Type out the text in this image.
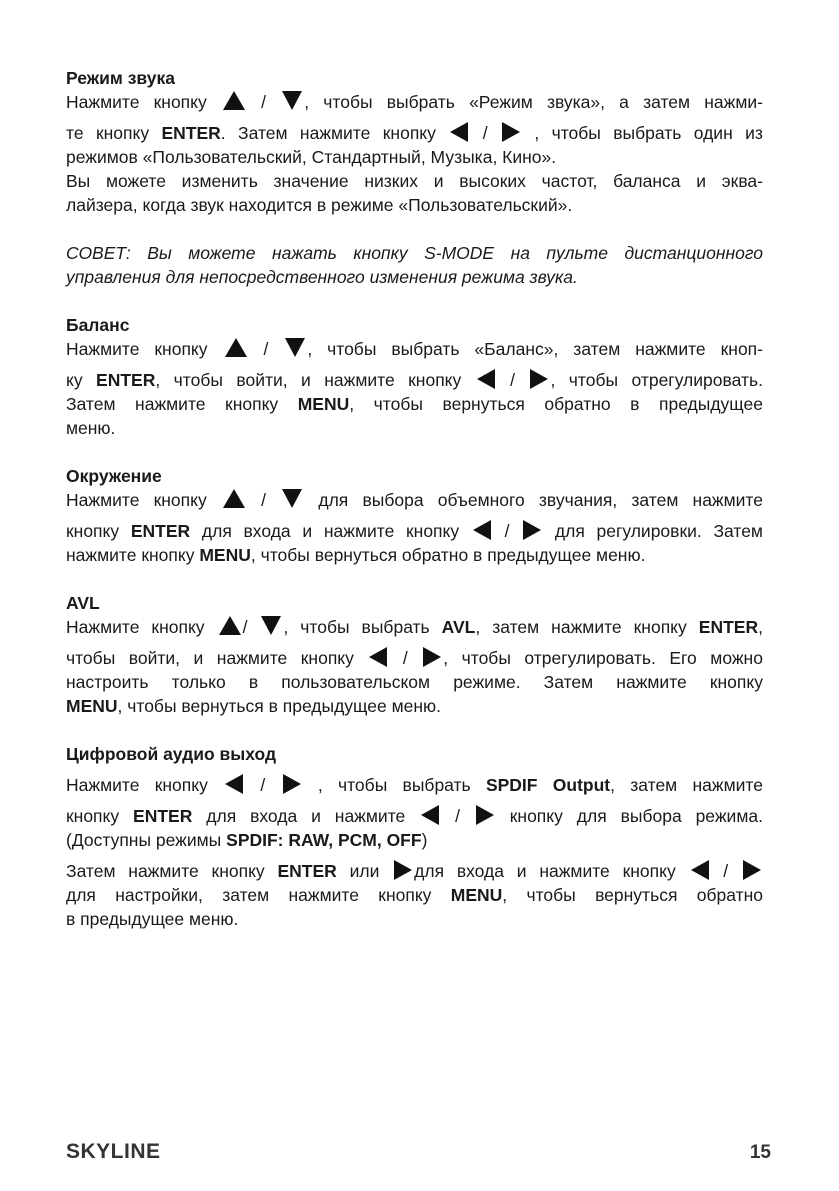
Режим звука

Нажмите кнопку	/ , чтобы выбрать «Режим звука», а затем нажми-

те кнопку ENTER. Затем нажмите кнопку	/	, чтобы выбрать один из

режимов «Пользовательский, Стандартный, Музыка, Кино».

Вы можете изменить значение низких и высоких частот, баланса и эква-

лайзера, когда звук находится в режиме «Пользовательский».

СОВЕТ: Вы можете нажать кнопку S-MODE на пульте дистанционного

управления для непосредственного изменения режима звука.

Баланс

Нажмите кнопку	/ , чтобы выбрать «Баланс», затем нажмите кноп-

ку ENTER, чтобы войти, и нажмите кнопку	/ , чтобы отрегулировать.

Затем нажмите кнопку MENU, чтобы вернуться обратно в предыдущее

меню.

Окружение

Нажмите кнопку	/	для выбора объемного звучания, затем нажмите

кнопку ENTER для входа и нажмите кнопку	/	для регулировки. Затем

нажмите кнопку MENU, чтобы вернуться обратно в предыдущее меню.

AVL

Нажмите кнопку / , чтобы выбрать AVL, затем нажмите кнопку ENTER,

чтобы войти, и нажмите кнопку	/ , чтобы отрегулировать. Его можно

настроить только в пользовательском режиме. Затем нажмите кнопку

MENU, чтобы вернуться в предыдущее меню.

Цифровой аудио выход

Нажмите кнопку	/	, чтобы выбрать SPDIF Output, затем нажмите

кнопку ENTER для входа и нажмите	/	кнопку для выбора режима.

(Доступны режимы SPDIF: RAW, PCM, OFF)

Затем нажмите кнопку ENTER или для входа и нажмите кнопку	/

для настройки, затем нажмите кнопку MENU, чтобы вернуться обратно

в предыдущее меню.

SKYLINE	15
